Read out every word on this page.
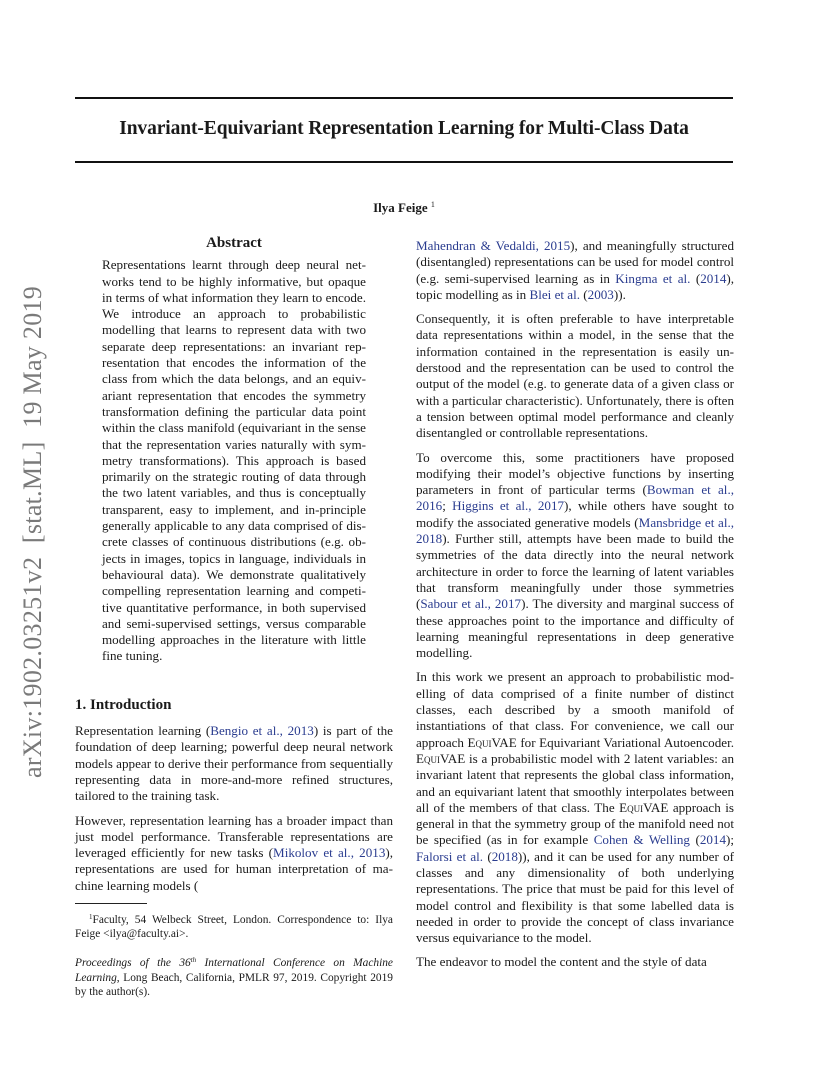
Invariant-Equivariant Representation Learning for Multi-Class Data
Ilya Feige $^1$
arXiv:1902.03251v2  [stat.ML]  19 May 2019
Abstract
Representations learnt through deep neural networks tend to be highly informative, but opaque in terms of what information they learn to encode. We introduce an approach to probabilistic modelling that learns to represent data with two separate deep representations: an invariant representation that encodes the information of the class from which the data belongs, and an equivariant representation that encodes the symmetry transformation defining the particular data point within the class manifold (equivariant in the sense that the representation varies naturally with symmetry transformations). This approach is based primarily on the strategic routing of data through the two latent variables, and thus is conceptually transparent, easy to implement, and in-principle generally applicable to any data comprised of discrete classes of continuous distributions (e.g. objects in images, topics in language, individuals in behavioural data). We demonstrate qualitatively compelling representation learning and competitive quantitative performance, in both supervised and semi-supervised settings, versus comparable modelling approaches in the literature with little fine tuning.
1. Introduction

Representation learning (Bengio et al., 2013) is part of the foundation of deep learning; powerful deep neural network models appear to derive their performance from sequentially representing data in more-and-more refined structures, tailored to the training task.

However, representation learning has a broader impact than just model performance. Transferable representations are leveraged efficiently for new tasks (Mikolov et al., 2013), representations are used for human interpretation of machine learning models (

$^1$Faculty, 54 Welbeck Street, London. Correspondence to: Ilya Feige <ilya@faculty.ai>.
Proceedings of the 36th International Conference on Machine Learning, Long Beach, California, PMLR 97, 2019. Copyright 2019 by the author(s).

Mahendran & Vedaldi, 2015), and meaningfully structured (disentangled) representations can be used for model control (e.g. semi-supervised learning as in Kingma et al. (2014), topic modelling as in Blei et al. (2003)).

Consequently, it is often preferable to have interpretable data representations within a model, in the sense that the information contained in the representation is easily understood and the representation can be used to control the output of the model (e.g. to generate data of a given class or with a particular characteristic). Unfortunately, there is often a tension between optimal model performance and cleanly disentangled or controllable representations.

To overcome this, some practitioners have proposed modifying their model’s objective functions by inserting parameters in front of particular terms (Bowman et al., 2016; Higgins et al., 2017), while others have sought to modify the associated generative models (Mansbridge et al., 2018). Further still, attempts have been made to build the symmetries of the data directly into the neural network architecture in order to force the learning of latent variables that transform meaningfully under those symmetries (Sabour et al., 2017). The diversity and marginal success of these approaches point to the importance and difficulty of learning meaningful representations in deep generative modelling.

In this work we present an approach to probabilistic modelling of data comprised of a finite number of distinct classes, each described by a smooth manifold of instantiations of that class. For convenience, we call our approach EquiVAE for Equivariant Variational Autoencoder. EquiVAE is a probabilistic model with 2 latent variables: an invariant latent that represents the global class information, and an equivariant latent that smoothly interpolates between all of the members of that class. The EquiVAE approach is general in that the symmetry group of the manifold need not be specified (as in for example Cohen & Welling (2014); Falorsi et al. (2018)), and it can be used for any number of classes and any dimensionality of both underlying representations. The price that must be paid for this level of model control and flexibility is that some labelled data is needed in order to provide the concept of class invariance versus equivariance to the model.

The endeavor to model the content and the style of data
